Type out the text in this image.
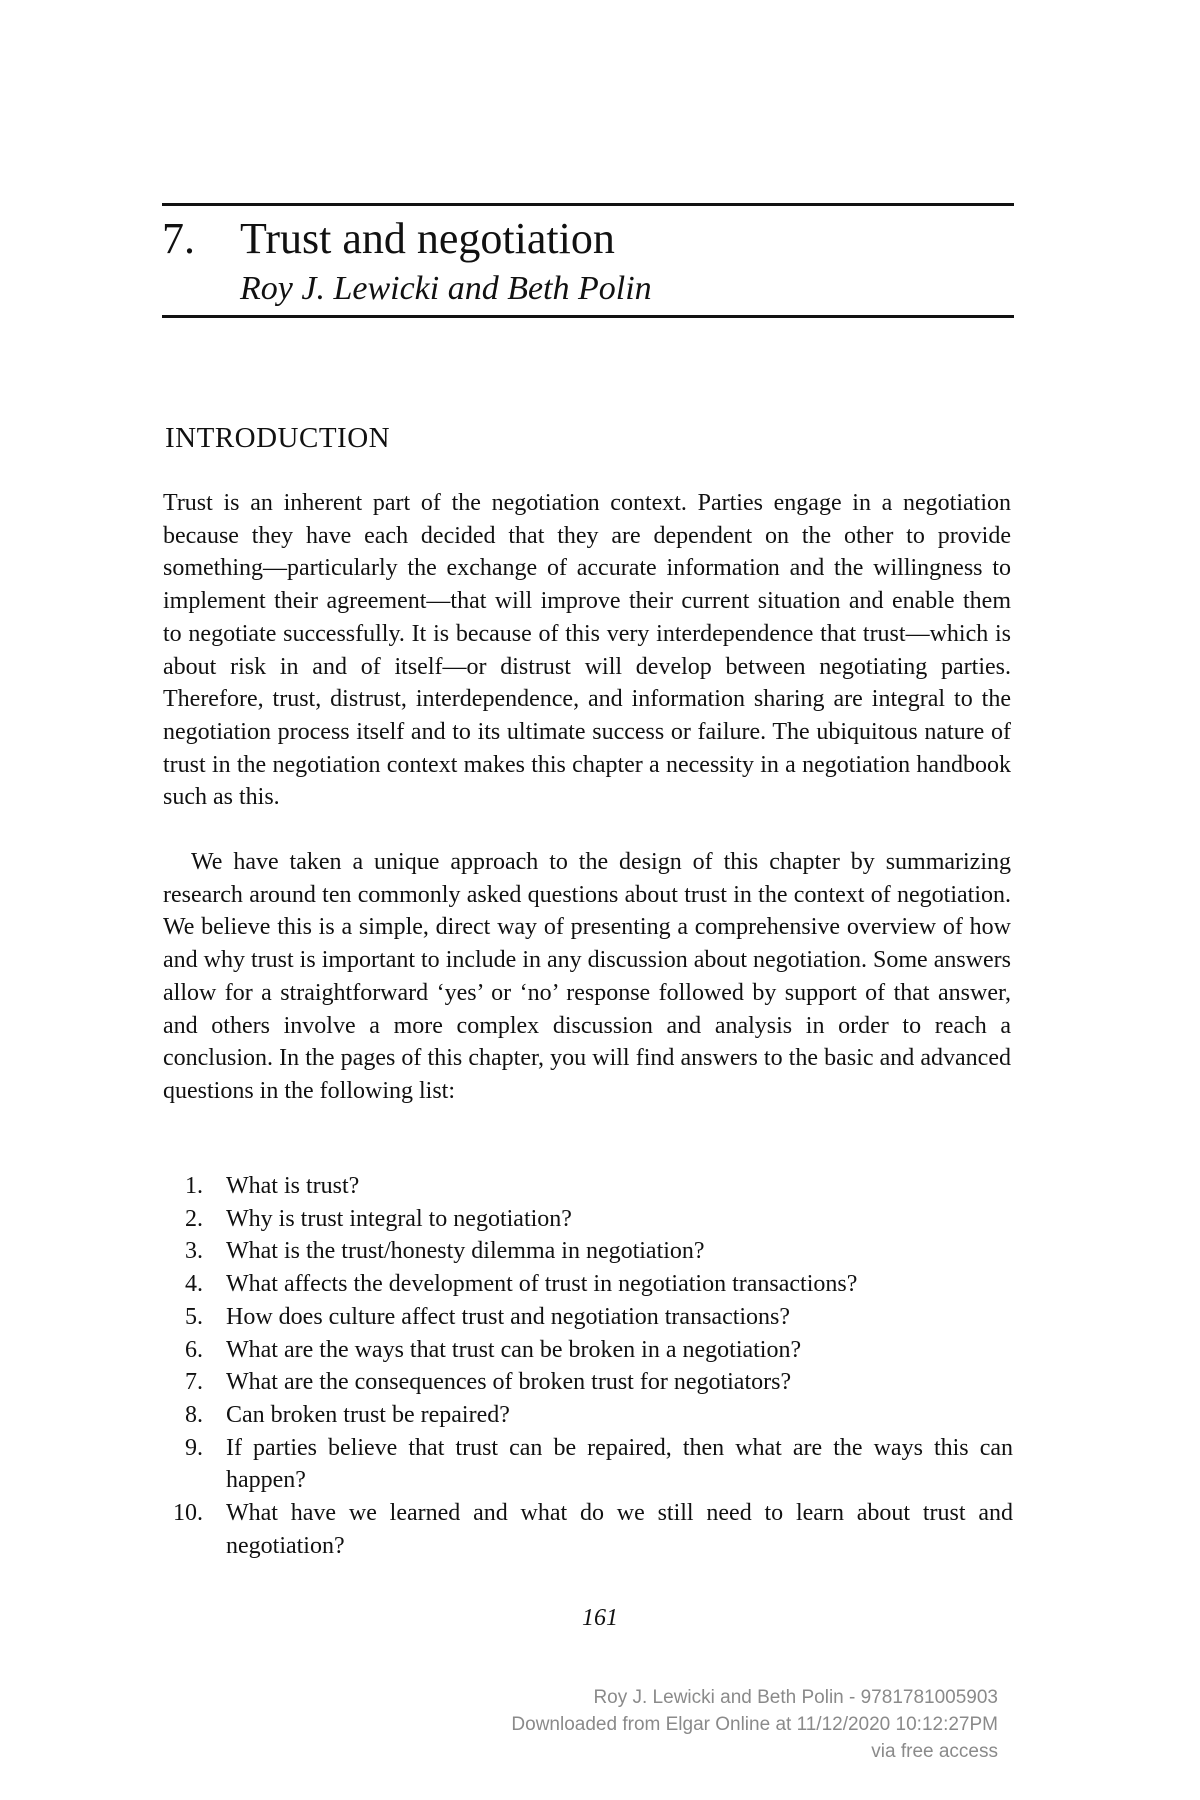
7. Trust and negotiation
Roy J. Lewicki and Beth Polin
INTRODUCTION

Trust is an inherent part of the negotiation context. Parties engage in a negotiation because they have each decided that they are dependent on the other to provide something—particularly the exchange of accurate information and the willingness to implement their agreement—that will improve their current situation and enable them to negotiate successfully. It is because of this very interdependence that trust—which is about risk in and of itself—or distrust will develop between negotiating parties. Therefore, trust, distrust, interdependence, and information sharing are integral to the negotiation process itself and to its ultimate success or failure. The ubiquitous nature of trust in the negotiation context makes this chapter a necessity in a negotiation handbook such as this.

We have taken a unique approach to the design of this chapter by summarizing research around ten commonly asked questions about trust in the context of negotiation. We believe this is a simple, direct way of presenting a comprehensive overview of how and why trust is important to include in any discussion about negotiation. Some answers allow for a straightforward ‘yes’ or ‘no’ response followed by support of that answer, and others involve a more complex discussion and analysis in order to reach a conclusion. In the pages of this chapter, you will find answers to the basic and advanced questions in the following list:

1. What is trust?
2. Why is trust integral to negotiation?
3. What is the trust/honesty dilemma in negotiation?
4. What affects the development of trust in negotiation transactions?
5. How does culture affect trust and negotiation transactions?
6. What are the ways that trust can be broken in a negotiation?
7. What are the consequences of broken trust for negotiators?
8. Can broken trust be repaired?
9. If parties believe that trust can be repaired, then what are the ways this can happen?
10. What have we learned and what do we still need to learn about trust and negotiation?
161
Roy J. Lewicki and Beth Polin - 9781781005903
Downloaded from Elgar Online at 11/12/2020 10:12:27PM
via free access
